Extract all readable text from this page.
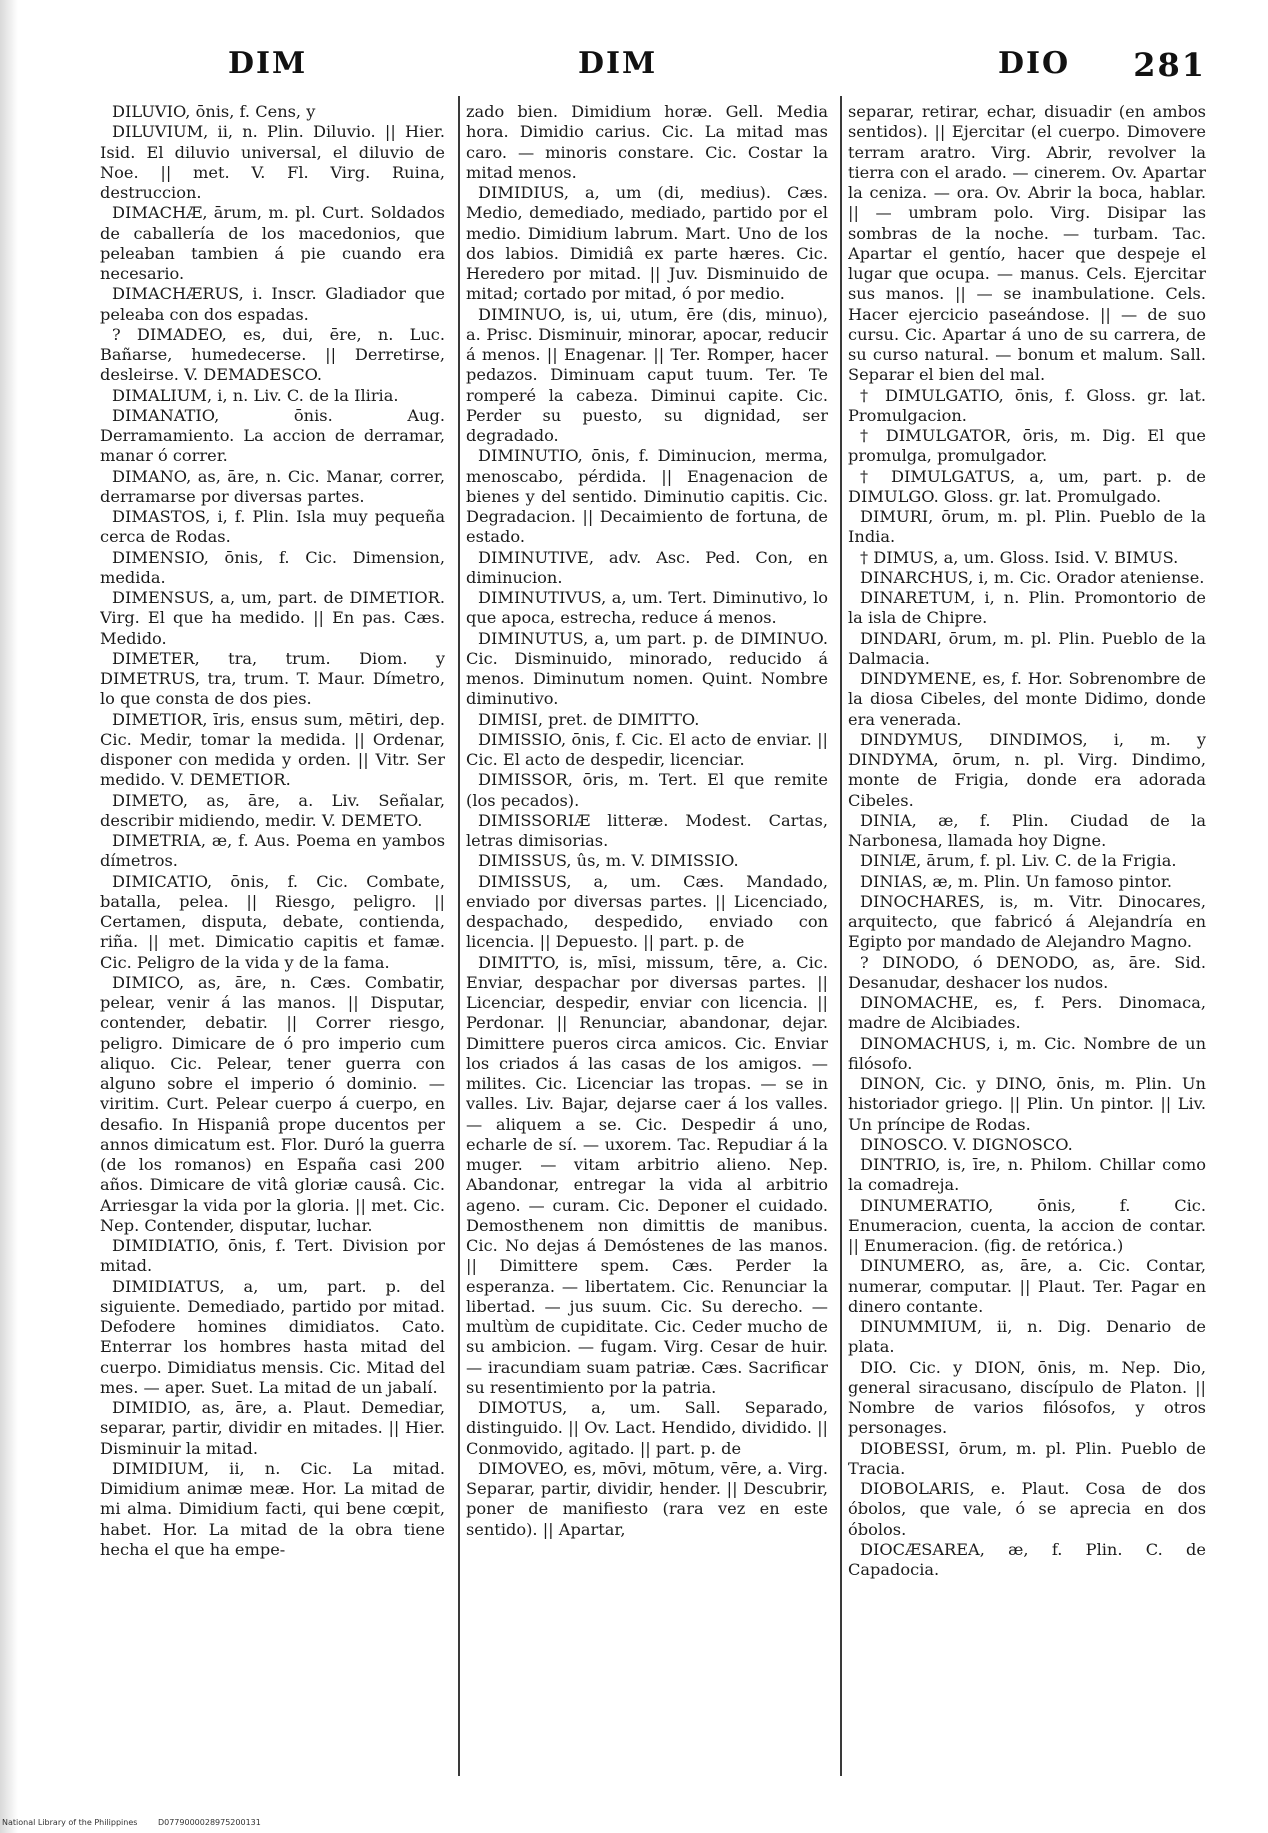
DIM	DIM	DIO 281

DILUVIO, ōnis, f. Cens, y

DILUVIUM, ii, n. Plin. Diluvio. || Hier. Isid. El diluvio universal, el diluvio de Noe. || met. V. Fl. Virg. Ruina, destruccion.

DIMACHÆ, ārum, m. pl. Curt. Soldados de caballería de los macedonios, que peleaban tambien á pie cuando era necesario.

DIMACHÆRUS, i. Inscr. Gladiador que peleaba con dos espadas.

? DIMADEO, es, dui, ēre, n. Luc. Bañarse, humedecerse. || Derretirse, desleirse. V. DEMADESCO.

DIMALIUM, i, n. Liv. C. de la Iliria.

DIMANATIO, ōnis. Aug. Derramamiento. La accion de derramar, manar ó correr.

DIMANO, as, āre, n. Cic. Manar, correr, derramarse por diversas partes.

DIMASTOS, i, f. Plin. Isla muy pequeña cerca de Rodas.

DIMENSIO, ōnis, f. Cic. Dimension, medida.

DIMENSUS, a, um, part. de DIMETIOR. Virg. El que ha medido. || En pas. Cæs. Medido.

DIMETER, tra, trum. Diom. y DIMETRUS, tra, trum. T. Maur. Dímetro, lo que consta de dos pies.

DIMETIOR, īris, ensus sum, mētiri, dep. Cic. Medir, tomar la medida. || Ordenar, disponer con medida y orden. || Vitr. Ser medido. V. DEMETIOR.

DIMETO, as, āre, a. Liv. Señalar, describir midiendo, medir. V. DEMETO.

DIMETRIA, æ, f. Aus. Poema en yambos dímetros.

DIMICATIO, ōnis, f. Cic. Combate, batalla, pelea. || Riesgo, peligro. || Certamen, disputa, debate, contienda, riña. || met. Dimicatio capitis et famæ. Cic. Peligro de la vida y de la fama.

DIMICO, as, āre, n. Cæs. Combatir, pelear, venir á las manos. || Disputar, contender, debatir. || Correr riesgo, peligro. Dimicare de ó pro imperio cum aliquo. Cic. Pelear, tener guerra con alguno sobre el imperio ó dominio. — viritim. Curt. Pelear cuerpo á cuerpo, en desafio. In Hispaniâ prope ducentos per annos dimicatum est. Flor. Duró la guerra (de los romanos) en España casi 200 años. Dimicare de vitâ gloriæ causâ. Cic. Arriesgar la vida por la gloria. || met. Cic. Nep. Contender, disputar, luchar.

DIMIDIATIO, ōnis, f. Tert. Division por mitad.

DIMIDIATUS, a, um, part. p. del siguiente. Demediado, partido por mitad. Defodere homines dimidiatos. Cato. Enterrar los hombres hasta mitad del cuerpo. Dimidiatus mensis. Cic. Mitad del mes. — aper. Suet. La mitad de un jabalí.

DIMIDIO, as, āre, a. Plaut. Demediar, separar, partir, dividir en mitades. || Hier. Disminuir la mitad.

DIMIDIUM, ii, n. Cic. La mitad. Dimidium animæ meæ. Hor. La mitad de mi alma. Dimidium facti, qui bene cœpit, habet. Hor. La mitad de la obra tiene hecha el que ha empe-

zado bien. Dimidium horæ. Gell. Media hora. Dimidio carius. Cic. La mitad mas caro. — minoris constare. Cic. Costar la mitad menos.

DIMIDIUS, a, um (di, medius). Cæs. Medio, demediado, mediado, partido por el medio. Dimidium labrum. Mart. Uno de los dos labios. Dimidiâ ex parte hæres. Cic. Heredero por mitad. || Juv. Disminuido de mitad; cortado por mitad, ó por medio.

DIMINUO, is, ui, utum, ēre (dis, minuo), a. Prisc. Disminuir, minorar, apocar, reducir á menos. || Enagenar. || Ter. Romper, hacer pedazos. Diminuam caput tuum. Ter. Te romperé la cabeza. Diminui capite. Cic. Perder su puesto, su dignidad, ser degradado.

DIMINUTIO, ōnis, f. Diminucion, merma, menoscabo, pérdida. || Enagenacion de bienes y del sentido. Diminutio capitis. Cic. Degradacion. || Decaimiento de fortuna, de estado.

DIMINUTIVE, adv. Asc. Ped. Con, en diminucion.

DIMINUTIVUS, a, um. Tert. Diminutivo, lo que apoca, estrecha, reduce á menos.

DIMINUTUS, a, um part. p. de DIMINUO. Cic. Disminuido, minorado, reducido á menos. Diminutum nomen. Quint. Nombre diminutivo.

DIMISI, pret. de DIMITTO.

DIMISSIO, ōnis, f. Cic. El acto de enviar. || Cic. El acto de despedir, licenciar.

DIMISSOR, ōris, m. Tert. El que remite (los pecados).

DIMISSORIÆ litteræ. Modest. Cartas, letras dimisorias.

DIMISSUS, ûs, m. V. DIMISSIO.

DIMISSUS, a, um. Cæs. Mandado, enviado por diversas partes. || Licenciado, despachado, despedido, enviado con licencia. || Depuesto. || part. p. de

DIMITTO, is, mīsi, missum, tēre, a. Cic. Enviar, despachar por diversas partes. || Licenciar, despedir, enviar con licencia. || Perdonar. || Renunciar, abandonar, dejar. Dimittere pueros circa amicos. Cic. Enviar los criados á las casas de los amigos. — milites. Cic. Licenciar las tropas. — se in valles. Liv. Bajar, dejarse caer á los valles. — aliquem a se. Cic. Despedir á uno, echarle de sí. — uxorem. Tac. Repudiar á la muger. — vitam arbitrio alieno. Nep. Abandonar, entregar la vida al arbitrio ageno. — curam. Cic. Deponer el cuidado. Demosthenem non dimittis de manibus. Cic. No dejas á Demóstenes de las manos. || Dimittere spem. Cæs. Perder la esperanza. — libertatem. Cic. Renunciar la libertad. — jus suum. Cic. Su derecho. — multùm de cupiditate. Cic. Ceder mucho de su ambicion. — fugam. Virg. Cesar de huir. — iracundiam suam patriæ. Cæs. Sacrificar su resentimiento por la patria.

DIMOTUS, a, um. Sall. Separado, distinguido. || Ov. Lact. Hendido, dividido. || Conmovido, agitado. || part. p. de

DIMOVEO, es, mōvi, mōtum, vēre, a. Virg. Separar, partir, dividir, hender. || Descubrir, poner de manifiesto (rara vez en este sentido). || Apartar,

separar, retirar, echar, disuadir (en ambos sentidos). || Ejercitar (el cuerpo. Dimovere terram aratro. Virg. Abrir, revolver la tierra con el arado. — cinerem. Ov. Apartar la ceniza. — ora. Ov. Abrir la boca, hablar. || — umbram polo. Virg. Disipar las sombras de la noche. — turbam. Tac. Apartar el gentío, hacer que despeje el lugar que ocupa. — manus. Cels. Ejercitar sus manos. || — se inambulatione. Cels. Hacer ejercicio paseándose. || — de suo cursu. Cic. Apartar á uno de su carrera, de su curso natural. — bonum et malum. Sall. Separar el bien del mal.

† DIMULGATIO, ōnis, f. Gloss. gr. lat. Promulgacion.

† DIMULGATOR, ōris, m. Dig. El que promulga, promulgador.

† DIMULGATUS, a, um, part. p. de DIMULGO. Gloss. gr. lat. Promulgado.

DIMURI, ōrum, m. pl. Plin. Pueblo de la India.

† DIMUS, a, um. Gloss. Isid. V. BIMUS.

DINARCHUS, i, m. Cic. Orador ateniense.

DINARETUM, i, n. Plin. Promontorio de la isla de Chipre.

DINDARI, ōrum, m. pl. Plin. Pueblo de la Dalmacia.

DINDYMENE, es, f. Hor. Sobrenombre de la diosa Cibeles, del monte Didimo, donde era venerada.

DINDYMUS, DINDIMOS, i, m. y DINDYMA, ōrum, n. pl. Virg. Dindimo, monte de Frigia, donde era adorada Cibeles.

DINIA, æ, f. Plin. Ciudad de la Narbonesa, llamada hoy Digne.

DINIÆ, ārum, f. pl. Liv. C. de la Frigia.

DINIAS, æ, m. Plin. Un famoso pintor.

DINOCHARES, is, m. Vitr. Dinocares, arquitecto, que fabricó á Alejandría en Egipto por mandado de Alejandro Magno.

? DINODO, ó DENODO, as, āre. Sid. Desanudar, deshacer los nudos.

DINOMACHE, es, f. Pers. Dinomaca, madre de Alcibiades.

DINOMACHUS, i, m. Cic. Nombre de un filósofo.

DINON, Cic. y DINO, ōnis, m. Plin. Un historiador griego. || Plin. Un pintor. || Liv. Un príncipe de Rodas.

DINOSCO. V. DIGNOSCO.

DINTRIO, is, īre, n. Philom. Chillar como la comadreja.

DINUMERATIO, ōnis, f. Cic. Enumeracion, cuenta, la accion de contar. || Enumeracion. (fig. de retórica.)

DINUMERO, as, āre, a. Cic. Contar, numerar, computar. || Plaut. Ter. Pagar en dinero contante.

DINUMMIUM, ii, n. Dig. Denario de plata.

DIO. Cic. y DION, ōnis, m. Nep. Dio, general siracusano, discípulo de Platon. || Nombre de varios filósofos, y otros personages.

DIOBESSI, ōrum, m. pl. Plin. Pueblo de Tracia.

DIOBOLARIS, e. Plaut. Cosa de dos óbolos, que vale, ó se aprecia en dos óbolos.

DIOCÆSAREA, æ, f. Plin. C. de Capadocia.

National Library of the Philippines	D0779000028975200131
